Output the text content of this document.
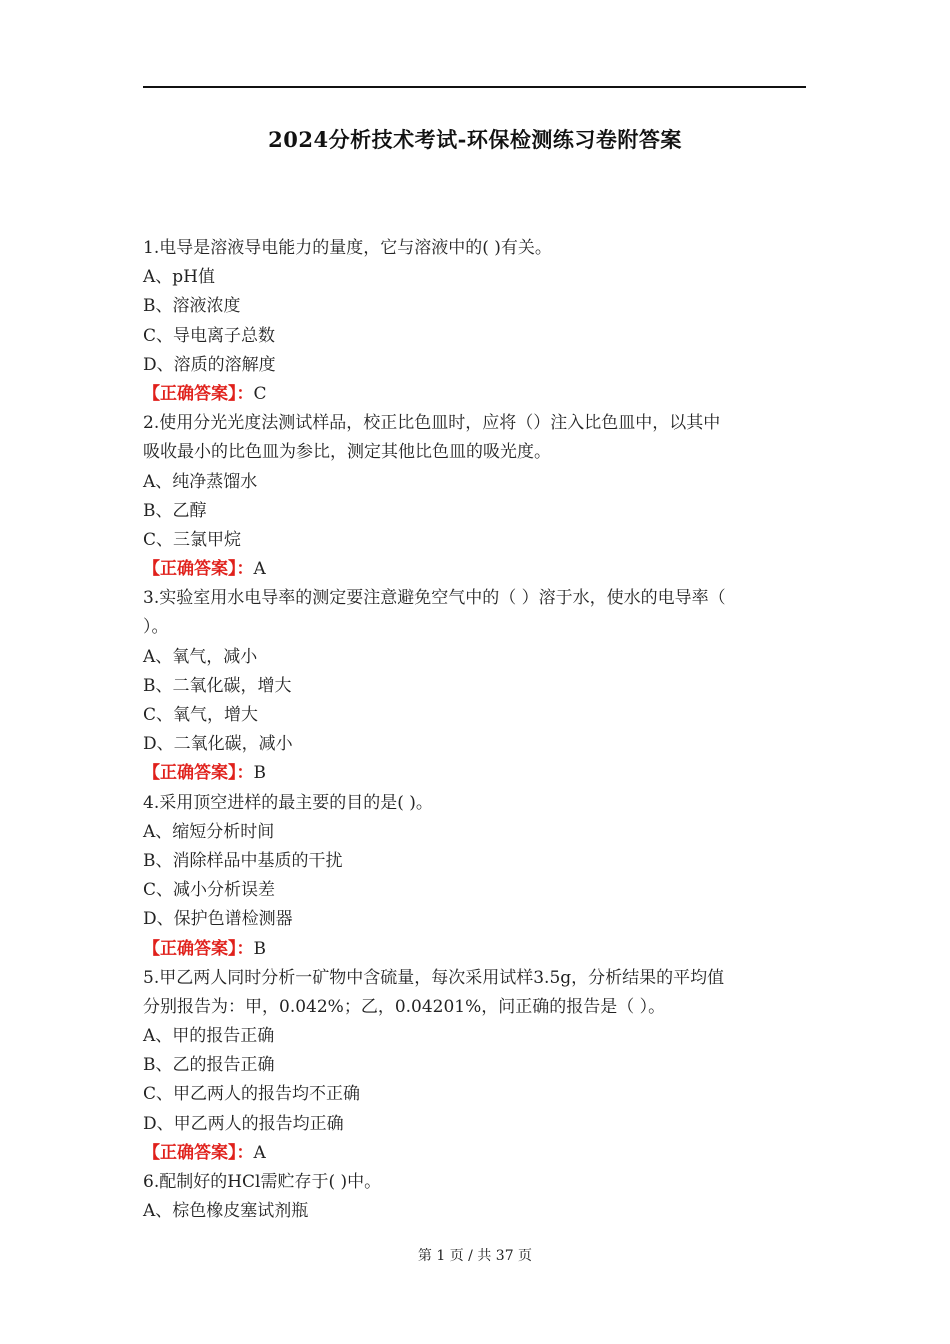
2024分析技术考试-环保检测练习卷附答案
1.电导是溶液导电能力的量度，它与溶液中的( )有关。
A、pH值
B、溶液浓度
C、导电离子总数
D、溶质的溶解度
【正确答案】：C
2.使用分光光度法测试样品，校正比色皿时，应将（）注入比色皿中，以其中
吸收最小的比色皿为参比，测定其他比色皿的吸光度。
A、纯净蒸馏水
B、乙醇
C、三氯甲烷
【正确答案】：A
3.实验室用水电导率的测定要注意避免空气中的（ ）溶于水，使水的电导率（
）。
A、氧气，减小
B、二氧化碳，增大
C、氧气，增大
D、二氧化碳，减小
【正确答案】：B
4.采用顶空进样的最主要的目的是( )。
A、缩短分析时间
B、消除样品中基质的干扰
C、减小分析误差
D、保护色谱检测器
【正确答案】：B
5.甲乙两人同时分析一矿物中含硫量，每次采用试样3.5g，分析结果的平均值
分别报告为：甲，0.042%；乙，0.04201%，问正确的报告是（ ）。
A、甲的报告正确
B、乙的报告正确
C、甲乙两人的报告均不正确
D、甲乙两人的报告均正确
【正确答案】：A
6.配制好的HCl需贮存于( )中。
A、棕色橡皮塞试剂瓶
第 1 页 / 共 37 页
